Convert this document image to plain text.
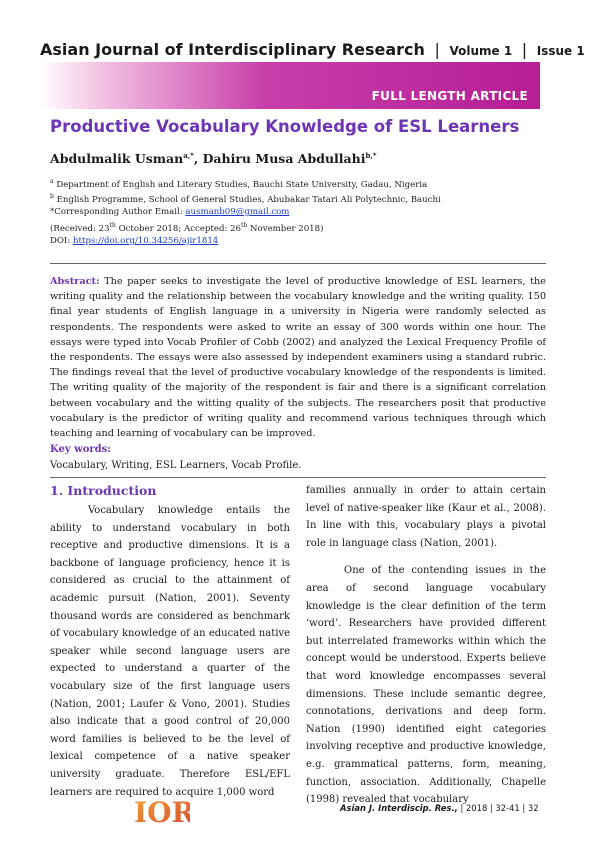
Asian Journal of Interdisciplinary Research | Volume 1 | Issue 1
FULL LENGTH ARTICLE
Productive Vocabulary Knowledge of ESL Learners
Abdulmalik Usman$^{a,*}$, Dahiru Musa Abdullahi$^{b,*}$
$^a$ Department of English and Literary Studies, Bauchi State University, Gadau, Nigeria
$^b$ English Programme, School of General Studies, Abubakar Tatari Ali Polytechnic, Bauchi
*Corresponding Author Email: ausmanb09@gmail.com
(Received: 23th October 2018; Accepted: 26th November 2018)
DOI: https://doi.org/10.34256/ajir1814
Abstract: The paper seeks to investigate the level of productive knowledge of ESL learners, the writing quality and the relationship between the vocabulary knowledge and the writing quality. 150 final year students of English language in a university in Nigeria were randomly selected as respondents. The respondents were asked to write an essay of 300 words within one hour. The essays were typed into Vocab Profiler of Cobb (2002) and analyzed the Lexical Frequency Profile of the respondents. The essays were also assessed by independent examiners using a standard rubric. The findings reveal that the level of productive vocabulary knowledge of the respondents is limited. The writing quality of the majority of the respondent is fair and there is a significant correlation between vocabulary and the witting quality of the subjects. The researchers posit that productive vocabulary is the predictor of writing quality and recommend various techniques through which teaching and learning of vocabulary can be improved.
Key words:
Vocabulary, Writing, ESL Learners, Vocab Profile.
1. Introduction

Vocabulary knowledge entails the ability to understand vocabulary in both receptive and productive dimensions. It is a backbone of language proficiency, hence it is considered as crucial to the attainment of academic pursuit (Nation, 2001). Seventy thousand words are considered as benchmark of vocabulary knowledge of an educated native speaker while second language users are expected to understand a quarter of the vocabulary size of the first language users (Nation, 2001; Laufer & Vono, 2001). Studies also indicate that a good control of 20,000 word families is believed to be the level of lexical competence of a native speaker university graduate. Therefore ESL/EFL learners are required to acquire 1,000 word

families annually in order to attain certain level of native-speaker like (Kaur et al., 2008). In line with this, vocabulary plays a pivotal role in language class (Nation, 2001).

One of the contending issues in the area of second language vocabulary knowledge is the clear definition of the term ‘word’. Researchers have provided different but interrelated frameworks within which the concept would be understood. Experts believe that word knowledge encompasses several dimensions. These include semantic degree, connotations, derivations and deep form. Nation (1990) identified eight categories involving receptive and productive knowledge, e.g. grammatical patterns, form, meaning, function, association. Additionally, Chapelle (1998) revealed that vocabulary

IOR	Asian J. Interdiscip. Res., | 2018 | 32-41 | 32
